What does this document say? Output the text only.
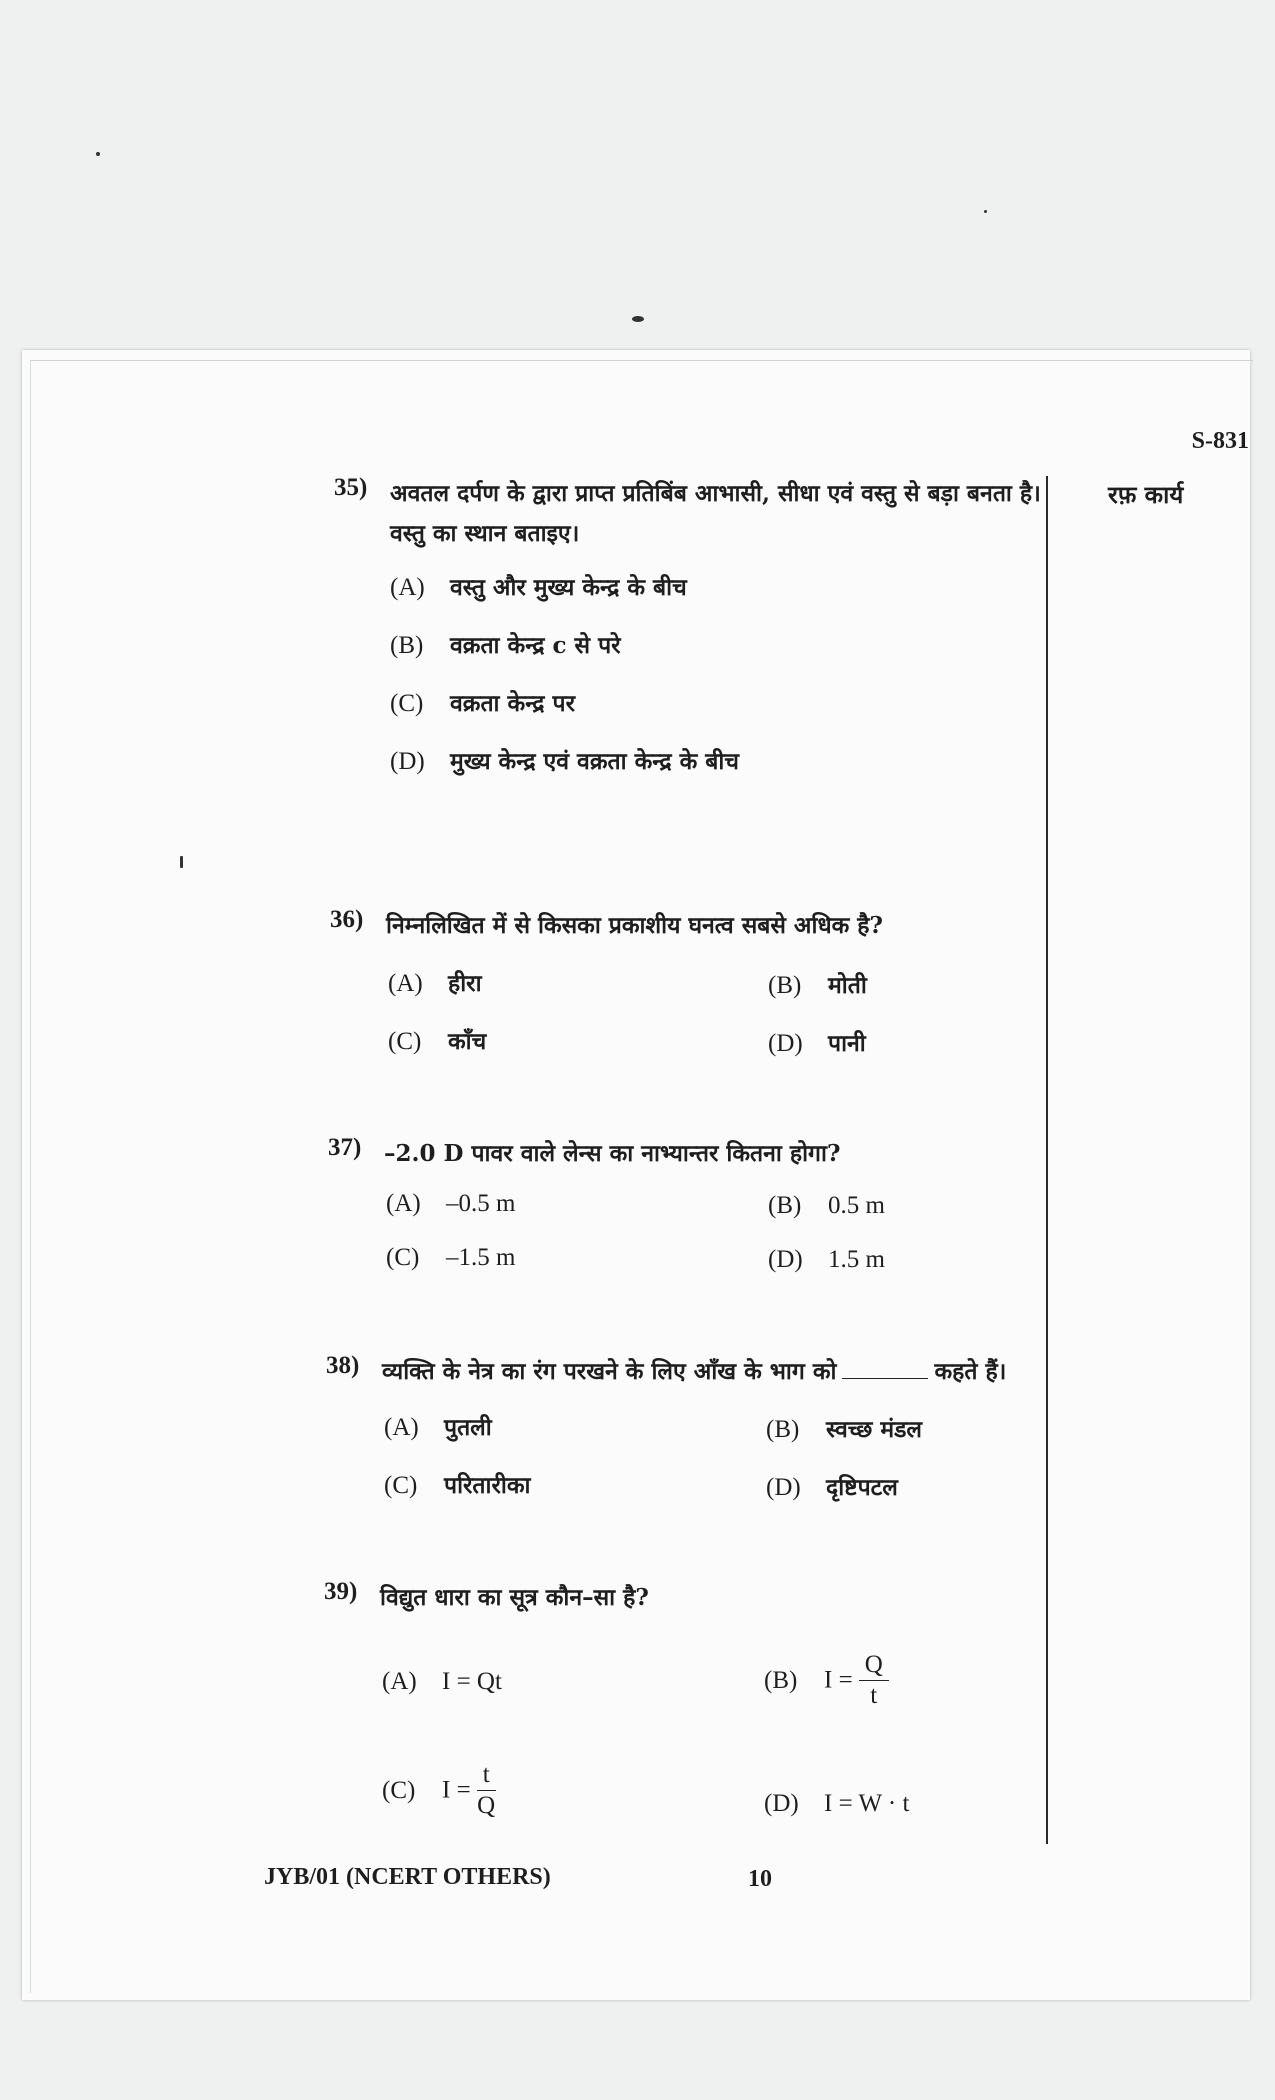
S-831
रफ़ कार्य
35) अवतल दर्पण के द्वारा प्राप्त प्रतिबिंब आभासी, सीधा एवं वस्तु से बड़ा बनता है। वस्तु का स्थान बताइए।
(A) वस्तु और मुख्य केन्द्र के बीच
(B) वक्रता केन्द्र c से परे
(C) वक्रता केन्द्र पर
(D) मुख्य केन्द्र एवं वक्रता केन्द्र के बीच
36) निम्नलिखित में से किसका प्रकाशीय घनत्व सबसे अधिक है?
(A) हीरा	(B) मोती
(C) काँच	(D) पानी
37) –2.0 D पावर वाले लेन्स का नाभ्यान्तर कितना होगा?
(A) –0.5 m	(B) 0.5 m
(C) –1.5 m	(D) 1.5 m
38) व्यक्ति के नेत्र का रंग परखने के लिए आँख के भाग को	कहते हैं।
(A) पुतली	(B) स्वच्छ मंडल
(C) परितारीका	(D) दृष्टिपटल
39) विद्युत धारा का सूत्र कौन–सा है?
(A) I = Qt	(B) $I = \frac{Q}{t}$
(C) $I = \frac{t}{Q}$	(D) I = W · t
JYB/01 (NCERT OTHERS)	10
